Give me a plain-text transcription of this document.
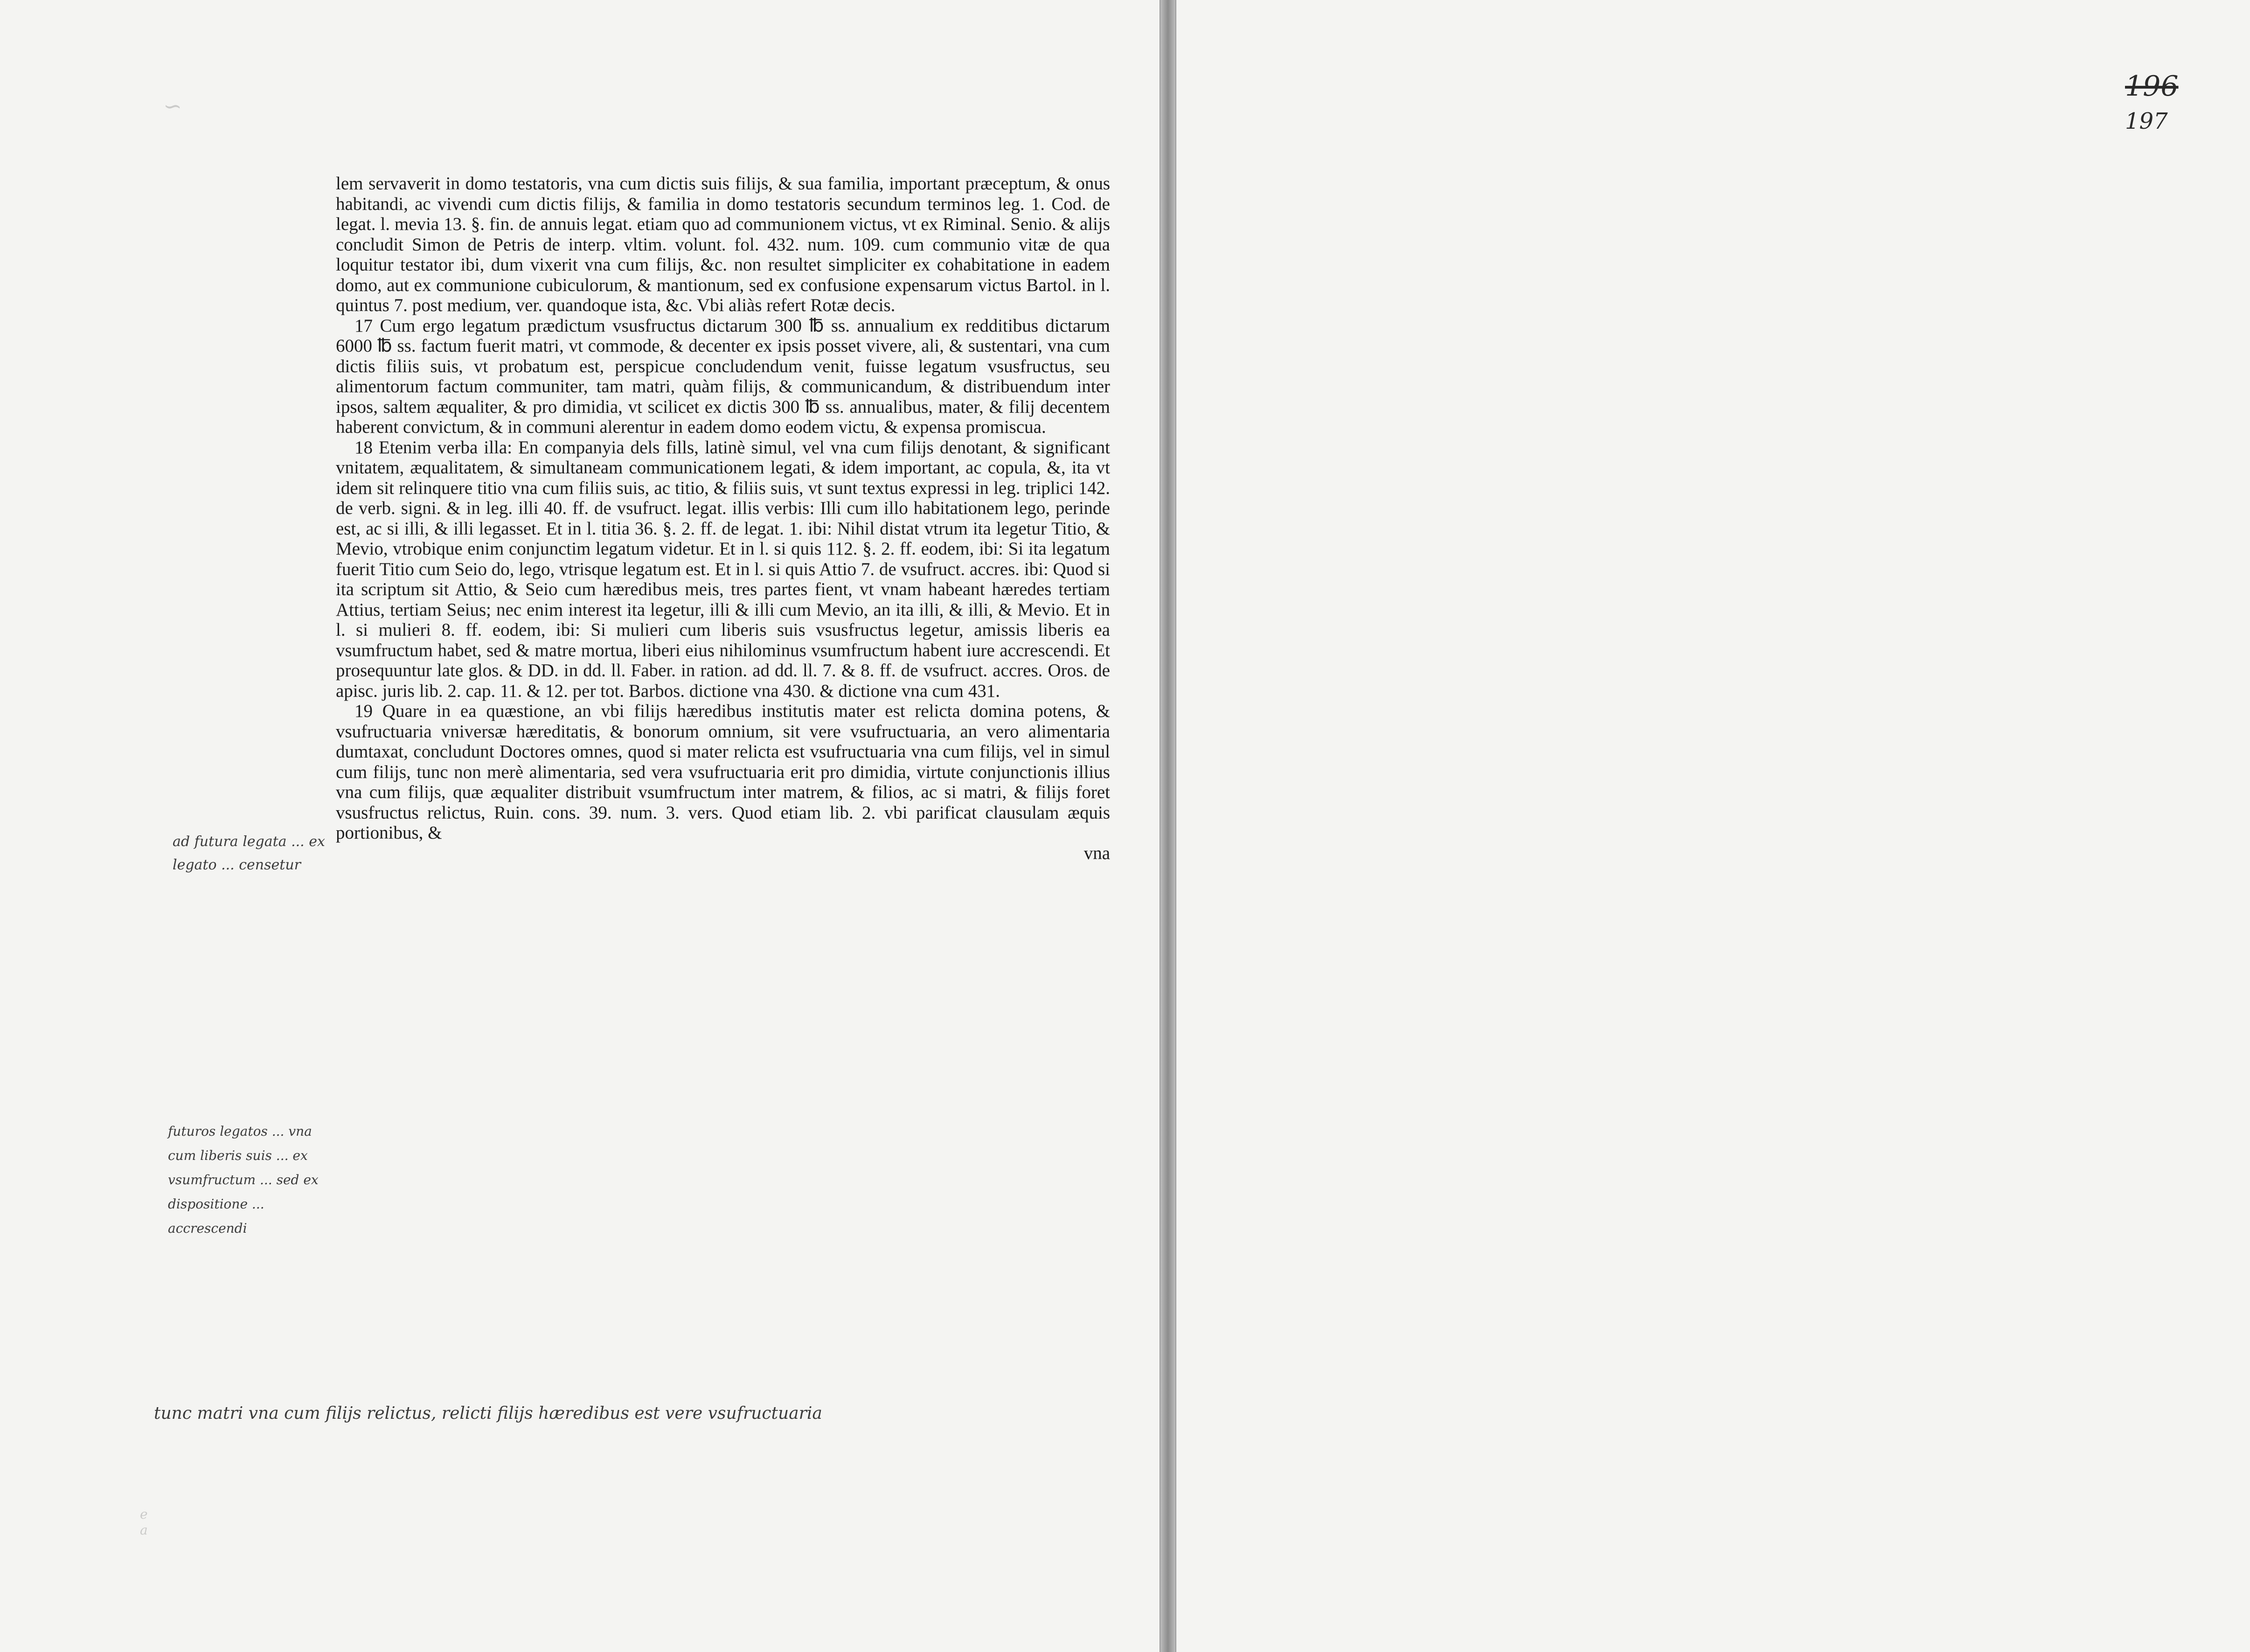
∽

lem servaverit in domo testatoris, vna cum dictis suis filijs, & sua familia, important præceptum, & onus habitandi, ac vivendi cum dictis filijs, & familia in domo testatoris secundum terminos leg. 1. Cod. de legat. l. mevia 13. §. fin. de annuis legat. etiam quo ad communionem victus, vt ex Riminal. Senio. & alijs concludit Simon de Petris de interp. vltim. volunt. fol. 432. num. 109. cum communio vitæ de qua loquitur testator ibi, dum vixerit vna cum filijs, &c. non resultet simpliciter ex cohabitatione in eadem domo, aut ex communione cubiculorum, & mantionum, sed ex confusione expensarum victus Bartol. in l. quintus 7. post medium, ver. quandoque ista, &c. Vbi aliàs refert Rotæ decis.

17 Cum ergo legatum prædictum vsusfructus dictarum 300 ℔ ss. annualium ex redditibus dictarum 6000 ℔ ss. factum fuerit matri, vt commode, & decenter ex ipsis posset vivere, ali, & sustentari, vna cum dictis filiis suis, vt probatum est, perspicue concludendum venit, fuisse legatum vsusfructus, seu alimentorum factum communiter, tam matri, quàm filijs, & communicandum, & distribuendum inter ipsos, saltem æqualiter, & pro dimidia, vt scilicet ex dictis 300 ℔ ss. annualibus, mater, & filij decentem haberent convictum, & in communi alerentur in eadem domo eodem victu, & expensa promiscua.

18 Etenim verba illa: En companyia dels fills, latinè simul, vel vna cum filijs denotant, & significant vnitatem, æqualitatem, & simultaneam communicationem legati, & idem important, ac copula, &, ita vt idem sit relinquere titio vna cum filiis suis, ac titio, & filiis suis, vt sunt textus expressi in leg. triplici 142. de verb. signi. & in leg. illi 40. ff. de vsufruct. legat. illis verbis: Illi cum illo habitationem lego, perinde est, ac si illi, & illi legasset. Et in l. titia 36. §. 2. ff. de legat. 1. ibi: Nihil distat vtrum ita legetur Titio, & Mevio, vtrobique enim conjunctim legatum videtur. Et in l. si quis 112. §. 2. ff. eodem, ibi: Si ita legatum fuerit Titio cum Seio do, lego, vtrisque legatum est. Et in l. si quis Attio 7. de vsufruct. accres. ibi: Quod si ita scriptum sit Attio, & Seio cum hæredibus meis, tres partes fient, vt vnam habeant hæredes tertiam Attius, tertiam Seius; nec enim interest ita legetur, illi & illi cum Mevio, an ita illi, & illi, & Mevio. Et in l. si mulieri 8. ff. eodem, ibi: Si mulieri cum liberis suis vsusfructus legetur, amissis liberis ea vsumfructum habet, sed & matre mortua, liberi eius nihilominus vsumfructum habent iure accrescendi. Et prosequuntur late glos. & DD. in dd. ll. Faber. in ration. ad dd. ll. 7. & 8. ff. de vsufruct. accres. Oros. de apisc. juris lib. 2. cap. 11. & 12. per tot. Barbos. dictione vna 430. & dictione vna cum 431.

19 Quare in ea quæstione, an vbi filijs hæredibus institutis mater est relicta domina potens, & vsufructuaria vniversæ hæreditatis, & bonorum omnium, sit vere vsufructuaria, an vero alimentaria dumtaxat, concludunt Doctores omnes, quod si mater relicta est vsufructuaria vna cum filijs, vel in simul cum filijs, tunc non merè alimentaria, sed vera vsufructuaria erit pro dimidia, virtute conjunctionis illius vna cum filijs, quæ æqualiter distribuit vsumfructum inter matrem, & filios, ac si matri, & filijs foret vsusfructus relictus, Ruin. cons. 39. num. 3. vers. Quod etiam lib. 2. vbi parificat clausulam æquis portionibus, &

vna

ad futura legata ... ex legato ... censetur
futuros legatos ... vna cum liberis suis ... ex vsumfructum ... sed ex dispositione ... accrescendi
tunc matri vna cum filijs relictus, relicti filijs hæredibus est vere vsufructuaria
e
a

196
197
